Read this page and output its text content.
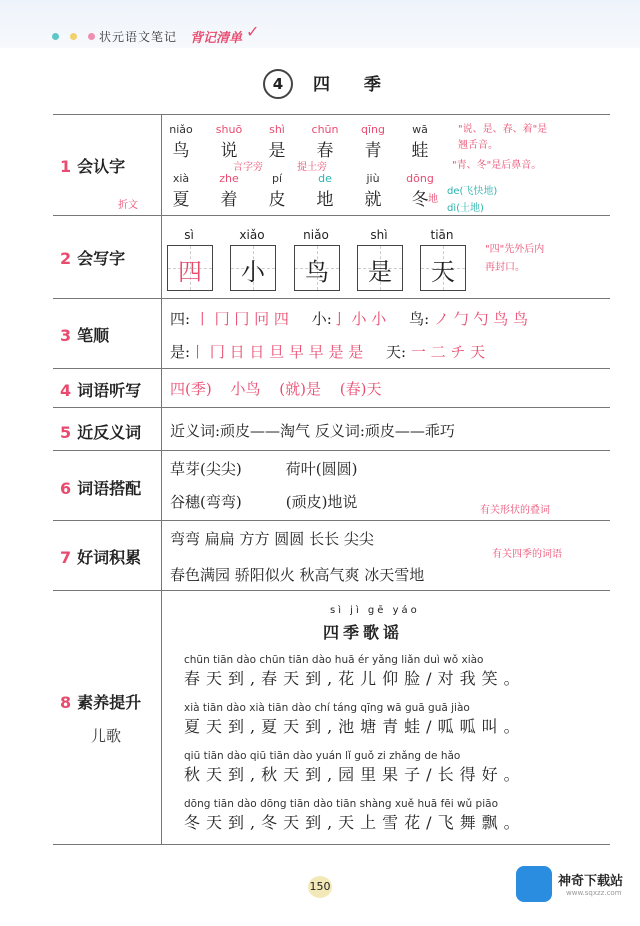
状元语文笔记 背记清单 ✓
4	四 季
1 会认字
niǎo	shuō	shì	chūn	qīng	wā
鸟	说	是	春	青	蛙
xià	zhe	pí	de	jiù	dōng
夏	着	皮	地	就	冬
"说、是、春、着"是
翘舌音。
"青、冬"是后鼻音。
言字旁	提土旁
折文
地
de(飞快地)
dì(土地)
2 会写字
sì	xiǎo	niǎo	shì	tiān
四	小	鸟	是	天
"四"先外后内
再封口。
3 笔顺
四: 丨 冂 冂 冋 四 小:亅 小 小 鸟: ノ 勹 勺 鸟 鸟
是:丨 冂 日 日 旦 早 早 是 是 天: 一 二 チ 天
4 词语听写 四(季) 小鸟 (就)是 (春)天
5 近反义词 近义词:顽皮——淘气 反义词:顽皮——乖巧
6 词语搭配
草芽(尖尖)	荷叶(圆圆)
谷穗(弯弯)	(顽皮)地说	有关形状的叠词
7 好词积累
弯弯 扁扁 方方 圆圆 长长 尖尖
春色满园 骄阳似火 秋高气爽 冰天雪地
有关四季的词语
8 素养提升
儿歌
sì jì gē yáo
四季歌谣
chūn tiān dào chūn tiān dào huā ér yǎng liǎn duì wǒ xiào
春天到,春天到,花儿仰脸/对我笑。
xià tiān dào xià tiān dào chí táng qīng wā guā guā jiào
夏天到,夏天到,池塘青蛙/呱呱叫。
qiū tiān dào qiū tiān dào yuán lǐ guǒ zi zhǎng de hǎo
秋天到,秋天到,园里果子/长得好。
dōng tiān dào dōng tiān dào tiān shàng xuě huā fēi wǔ piāo
冬天到,冬天到,天上雪花/飞舞飘。
150	神奇下载站
www.sqxzz.com
